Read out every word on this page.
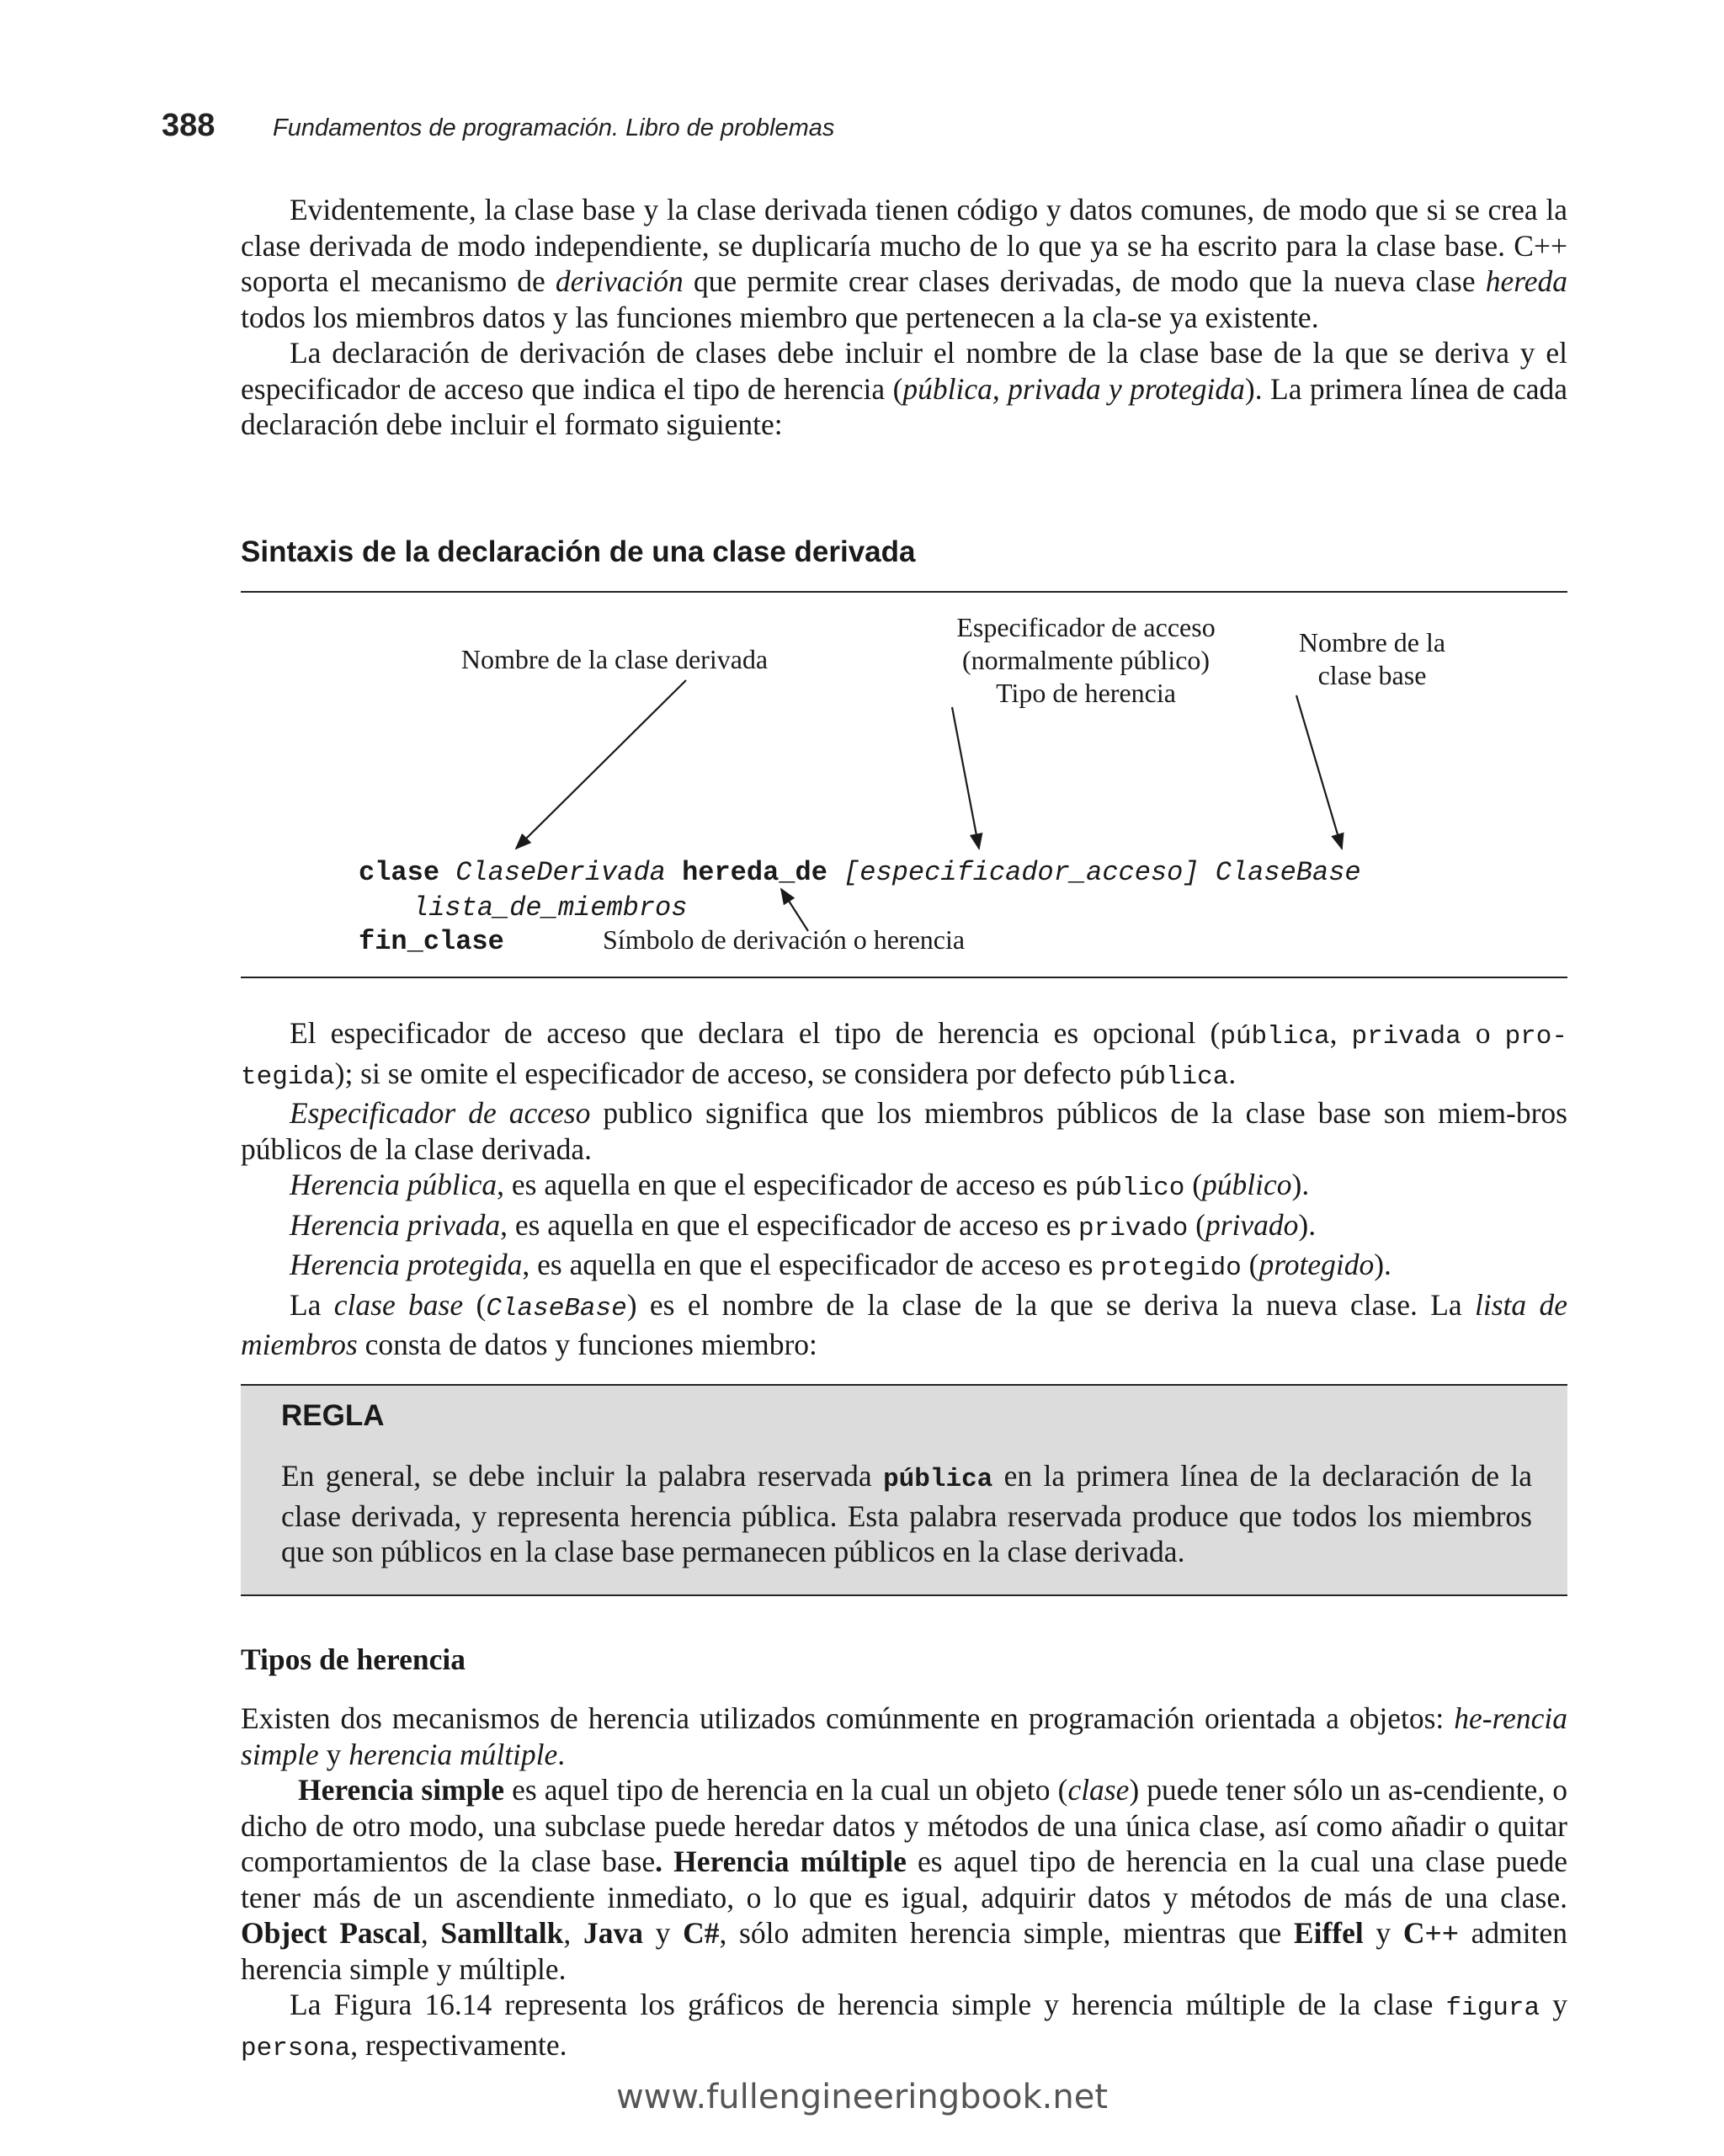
388 Fundamentos de programación. Libro de problemas

Evidentemente, la clase base y la clase derivada tienen código y datos comunes, de modo que si se crea la clase derivada de modo independiente, se duplicaría mucho de lo que ya se ha escrito para la clase base. C++ soporta el mecanismo de derivación que permite crear clases derivadas, de modo que la nueva clase hereda todos los miembros datos y las funciones miembro que pertenecen a la cla-se ya existente.

La declaración de derivación de clases debe incluir el nombre de la clase base de la que se deriva y el especificador de acceso que indica el tipo de herencia (pública, privada y protegida). La primera línea de cada declaración debe incluir el formato siguiente:

Sintaxis de la declaración de una clase derivada
Nombre de la clase derivada
Especificador de acceso
(normalmente público)
Tipo de herencia
Nombre de la
clase base
clase ClaseDerivada hereda_de [especificador_acceso] ClaseBase
lista_de_miembros
fin_clase	Símbolo de derivación o herencia

El especificador de acceso que declara el tipo de herencia es opcional (pública, privada o pro-tegida); si se omite el especificador de acceso, se considera por defecto pública.

Especificador de acceso publico significa que los miembros públicos de la clase base son miem-bros públicos de la clase derivada.

Herencia pública, es aquella en que el especificador de acceso es público (público).

Herencia privada, es aquella en que el especificador de acceso es privado (privado).

Herencia protegida, es aquella en que el especificador de acceso es protegido (protegido).

La clase base (ClaseBase) es el nombre de la clase de la que se deriva la nueva clase. La lista de miembros consta de datos y funciones miembro:

REGLA
En general, se debe incluir la palabra reservada pública en la primera línea de la declaración de la clase derivada, y representa herencia pública. Esta palabra reservada produce que todos los miembros que son públicos en la clase base permanecen públicos en la clase derivada.
Tipos de herencia

Existen dos mecanismos de herencia utilizados comúnmente en programación orientada a objetos: he-rencia simple y herencia múltiple.

Herencia simple es aquel tipo de herencia en la cual un objeto (clase) puede tener sólo un as-cendiente, o dicho de otro modo, una subclase puede heredar datos y métodos de una única clase, así como añadir o quitar comportamientos de la clase base. Herencia múltiple es aquel tipo de herencia en la cual una clase puede tener más de un ascendiente inmediato, o lo que es igual, adquirir datos y métodos de más de una clase. Object Pascal, Samlltalk, Java y C#, sólo admiten herencia simple, mientras que Eiffel y C++ admiten herencia simple y múltiple.

La Figura 16.14 representa los gráficos de herencia simple y herencia múltiple de la clase figura y persona, respectivamente.

www.fullengineeringbook.net
